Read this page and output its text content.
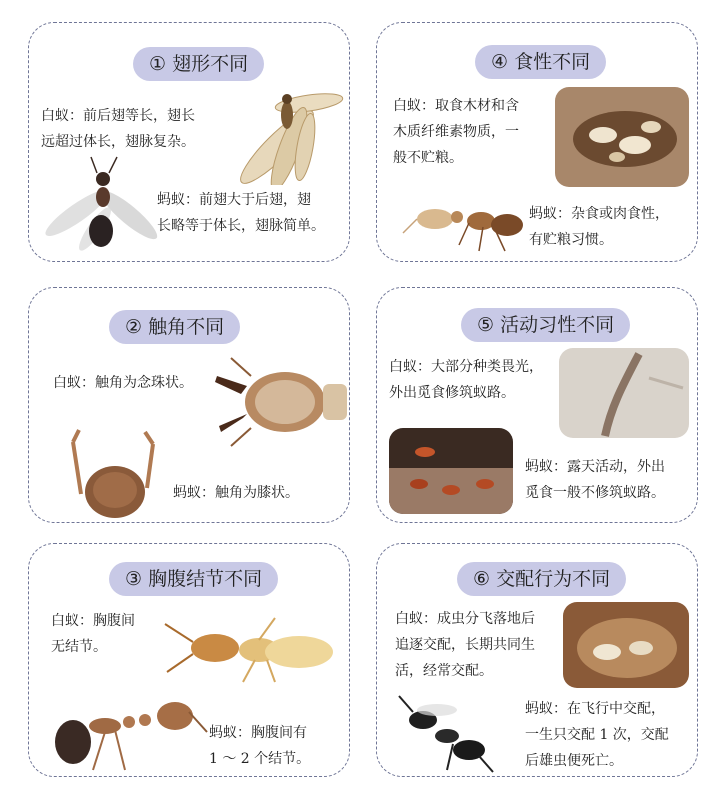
① 翅形不同
白蚁：前后翅等长，翅长
远超过体长，翅脉复杂。
蚂蚁：前翅大于后翅，翅
长略等于体长，翅脉简单。
④ 食性不同
白蚁：取食木材和含
木质纤维素物质，一
般不贮粮。
蚂蚁：杂食或肉食性，
有贮粮习惯。
② 触角不同
白蚁：触角为念珠状。
蚂蚁：触角为膝状。
⑤ 活动习性不同
白蚁：大部分种类畏光，
外出觅食修筑蚁路。
蚂蚁：露天活动，外出
觅食一般不修筑蚁路。
③ 胸腹结节不同
白蚁：胸腹间
无结节。
蚂蚁：胸腹间有
1 ～ 2 个结节。
⑥ 交配行为不同
白蚁：成虫分飞落地后
追逐交配，长期共同生
活，经常交配。
蚂蚁：在飞行中交配，
一生只交配 1 次，交配
后雄虫便死亡。
